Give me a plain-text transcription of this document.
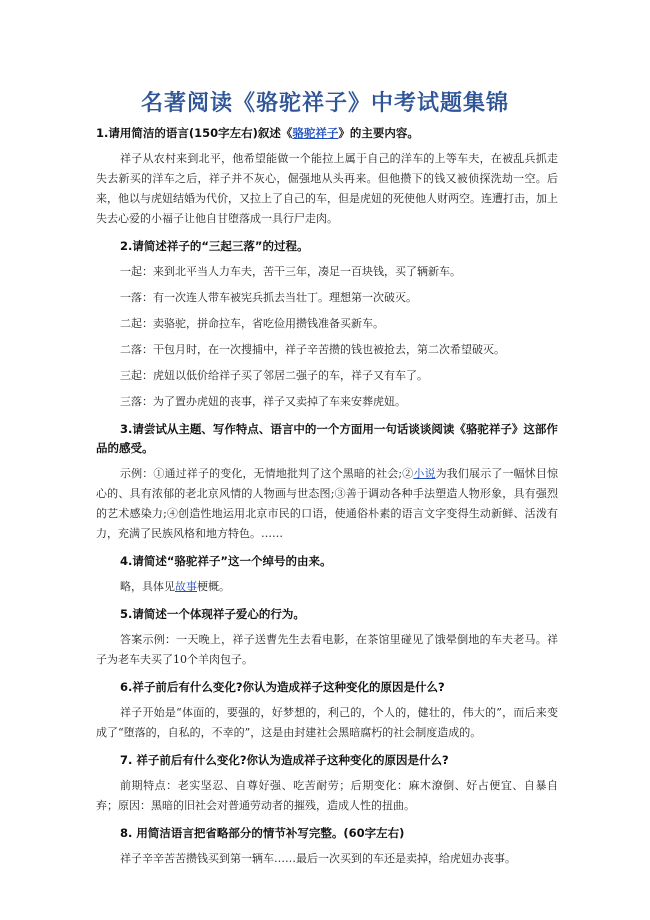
名著阅读《骆驼祥子》中考试题集锦

1.请用简洁的语言(150字左右)叙述《骆驼祥子》的主要内容。

祥子从农村来到北平，他希望能做一个能拉上属于自己的洋车的上等车夫，在被乱兵抓走失去新买的洋车之后，祥子并不灰心，倔强地从头再来。但他攒下的钱又被侦探洗劫一空。后来，他以与虎妞结婚为代价，又拉上了自己的车，但是虎妞的死使他人财两空。连遭打击，加上失去心爱的小福子让他自甘堕落成一具行尸走肉。

2.请简述祥子的“三起三落”的过程。

一起：来到北平当人力车夫，苦干三年，凑足一百块钱，买了辆新车。

一落：有一次连人带车被宪兵抓去当壮丁。理想第一次破灭。

二起：卖骆驼，拼命拉车，省吃俭用攒钱准备买新车。

二落：干包月时，在一次搜捕中，祥子辛苦攒的钱也被抢去，第二次希望破灭。

三起：虎妞以低价给祥子买了邻居二强子的车，祥子又有车了。

三落：为了置办虎妞的丧事，祥子又卖掉了车来安葬虎妞。

3.请尝试从主题、写作特点、语言中的一个方面用一句话谈谈阅读《骆驼祥子》这部作品的感受。

示例：①通过祥子的变化，无情地批判了这个黑暗的社会;②小说为我们展示了一幅怵目惊心的、具有浓郁的老北京风情的人物画与世态图;③善于调动各种手法塑造人物形象，具有强烈的艺术感染力;④创造性地运用北京市民的口语，使通俗朴素的语言文字变得生动新鲜、活泼有力，充满了民族风格和地方特色。……

4.请简述“骆驼祥子”这一个绰号的由来。

略，具体见故事梗概。

5.请简述一个体现祥子爱心的行为。

答案示例：一天晚上，祥子送曹先生去看电影，在茶馆里碰见了饿晕倒地的车夫老马。祥子为老车夫买了10个羊肉包子。

6.祥子前后有什么变化?你认为造成祥子这种变化的原因是什么?

祥子开始是“体面的，要强的，好梦想的，利己的，个人的，健壮的，伟大的”，而后来变成了“堕落的，自私的，不幸的”，这是由封建社会黑暗腐朽的社会制度造成的。

7. 祥子前后有什么变化?你认为造成祥子这种变化的原因是什么?

前期特点：老实坚忍、自尊好强、吃苦耐劳；后期变化：麻木潦倒、好占便宜、自暴自弃；原因：黑暗的旧社会对普通劳动者的摧残，造成人性的扭曲。

8. 用简洁语言把省略部分的情节补写完整。(60字左右)

祥子辛辛苦苦攒钱买到第一辆车……最后一次买到的车还是卖掉，给虎妞办丧事。
